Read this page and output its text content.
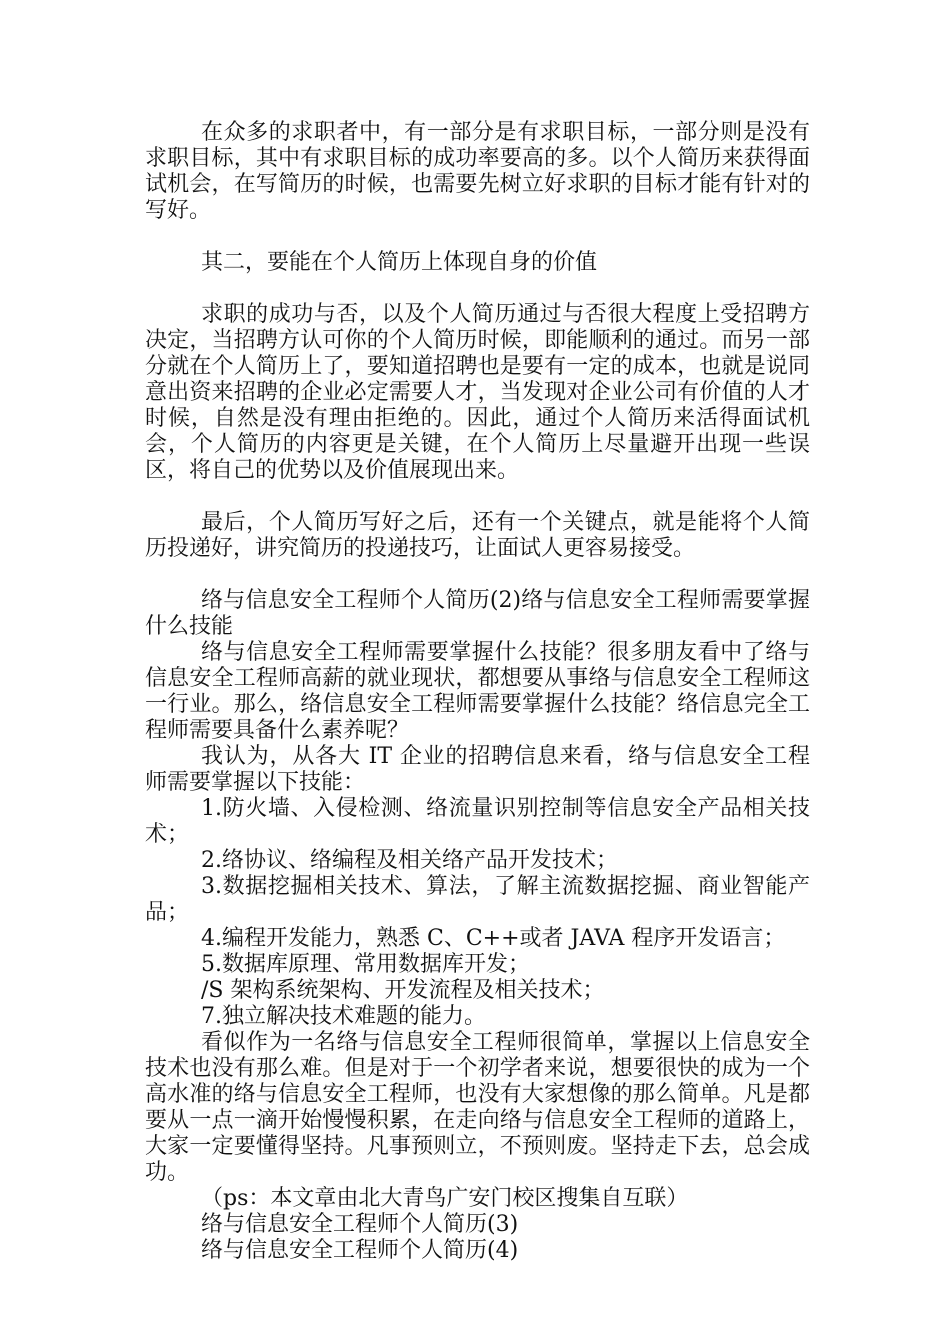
在众多的求职者中，有一部分是有求职目标，一部分则是没有求职目标，其中有求职目标的成功率要高的多。以个人简历来获得面试机会，在写简历的时候，也需要先树立好求职的目标才能有针对的写好。

其二，要能在个人简历上体现自身的价值

求职的成功与否，以及个人简历通过与否很大程度上受招聘方决定，当招聘方认可你的个人简历时候，即能顺利的通过。而另一部分就在个人简历上了，要知道招聘也是要有一定的成本，也就是说同意出资来招聘的企业必定需要人才，当发现对企业公司有价值的人才时候，自然是没有理由拒绝的。因此，通过个人简历来活得面试机会，个人简历的内容更是关键，在个人简历上尽量避开出现一些误区，将自己的优势以及价值展现出来。

最后，个人简历写好之后，还有一个关键点，就是能将个人简历投递好，讲究简历的投递技巧，让面试人更容易接受。

络与信息安全工程师个人简历(2)络与信息安全工程师需要掌握什么技能

络与信息安全工程师需要掌握什么技能？很多朋友看中了络与信息安全工程师高薪的就业现状，都想要从事络与信息安全工程师这一行业。那么，络信息安全工程师需要掌握什么技能？络信息完全工程师需要具备什么素养呢？

我认为，从各大 IT 企业的招聘信息来看，络与信息安全工程师需要掌握以下技能：

1.防火墙、入侵检测、络流量识别控制等信息安全产品相关技术；

2.络协议、络编程及相关络产品开发技术；

3.数据挖掘相关技术、算法，了解主流数据挖掘、商业智能产品；

4.编程开发能力，熟悉 C、C++或者 JAVA 程序开发语言；

5.数据库原理、常用数据库开发；

/S 架构系统架构、开发流程及相关技术；

7.独立解决技术难题的能力。

看似作为一名络与信息安全工程师很简单，掌握以上信息安全技术也没有那么难。但是对于一个初学者来说，想要很快的成为一个高水准的络与信息安全工程师，也没有大家想像的那么简单。凡是都要从一点一滴开始慢慢积累，在走向络与信息安全工程师的道路上，大家一定要懂得坚持。凡事预则立，不预则废。坚持走下去，总会成功。

（ps：本文章由北大青鸟广安门校区搜集自互联）

络与信息安全工程师个人简历(3)

络与信息安全工程师个人简历(4)
